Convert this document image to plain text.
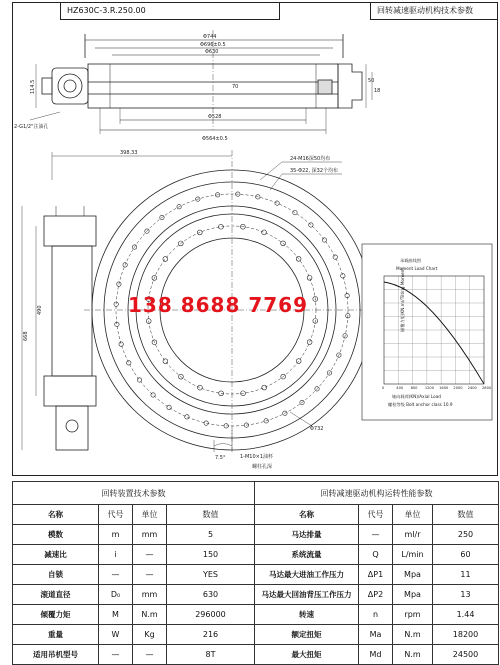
HZ630C-3.R.250.00	回转减速驱动机构技术参数
Φ744
Φ696±0.5
Φ630
Φ528
Φ564±0.5
70
50
18
114.5
2-G1/2"注油孔
398.33
490
668
24-M16深50均布
35-Φ22, 深32个均布
Φ732
7.5°	1-M10×1油杯
螺柱孔深
承载曲线图
Moment Load Chart
倾覆力矩(KN.m)/Tilting Moment
轴向载荷(KN)/Axial Load
螺栓等级 Bolt anchor class 10.9
0	400 800 1200 1600 2000 2400 2800
138 8688 7769
回转装置技术参数				回转减速驱动机构运转性能参数			
名称	代号	单位	数值	名称	代号	单位	数值
模数	m	mm	5	马达排量	—	ml/r	250
减速比	i	—	150	系统流量	Q	L/min	60
自锁	—	—	YES	马达最大进油工作压力	ΔP1	Mpa	11
滚道直径	D₀	mm	630	马达最大回油背压工作压力	ΔP2	Mpa	13
倾覆力矩	M	N.m	296000	转速	n	rpm	1.44
重量	W	Kg	216	额定扭矩	Ma	N.m	18200
适用吊机型号	—	—	8T	最大扭矩	Md	N.m	24500
